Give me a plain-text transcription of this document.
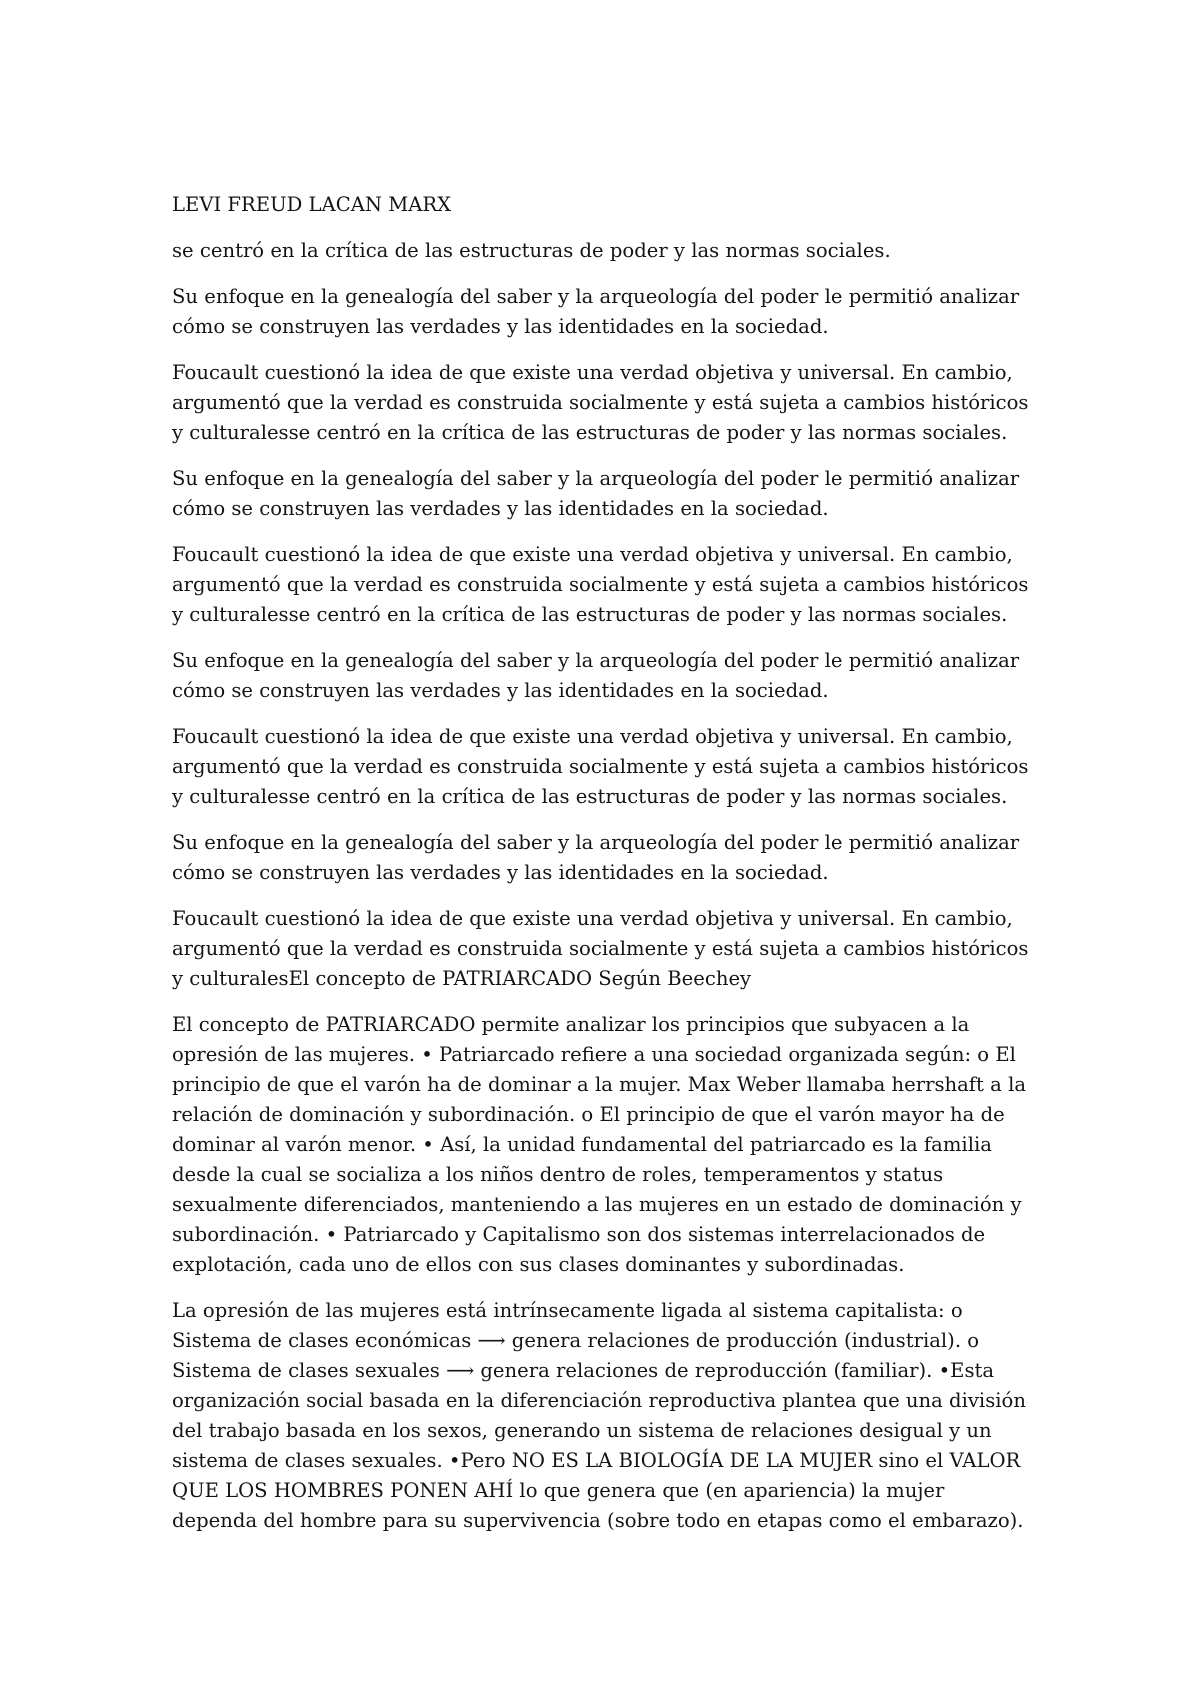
LEVI FREUD LACAN MARX

se centró en la crítica de las estructuras de poder y las normas sociales.

Su enfoque en la genealogía del saber y la arqueología del poder le permitió analizar cómo se construyen las verdades y las identidades en la sociedad.

Foucault cuestionó la idea de que existe una verdad objetiva y universal. En cambio, argumentó que la verdad es construida socialmente y está sujeta a cambios históricos y culturalesse centró en la crítica de las estructuras de poder y las normas sociales.

Su enfoque en la genealogía del saber y la arqueología del poder le permitió analizar cómo se construyen las verdades y las identidades en la sociedad.

Foucault cuestionó la idea de que existe una verdad objetiva y universal. En cambio, argumentó que la verdad es construida socialmente y está sujeta a cambios históricos y culturalesse centró en la crítica de las estructuras de poder y las normas sociales.

Su enfoque en la genealogía del saber y la arqueología del poder le permitió analizar cómo se construyen las verdades y las identidades en la sociedad.

Foucault cuestionó la idea de que existe una verdad objetiva y universal. En cambio, argumentó que la verdad es construida socialmente y está sujeta a cambios históricos y culturalesse centró en la crítica de las estructuras de poder y las normas sociales.

Su enfoque en la genealogía del saber y la arqueología del poder le permitió analizar cómo se construyen las verdades y las identidades en la sociedad.

Foucault cuestionó la idea de que existe una verdad objetiva y universal. En cambio, argumentó que la verdad es construida socialmente y está sujeta a cambios históricos y culturalesEl concepto de PATRIARCADO Según Beechey

El concepto de PATRIARCADO permite analizar los principios que subyacen a la opresión de las mujeres. • Patriarcado refiere a una sociedad organizada según: o El principio de que el varón ha de dominar a la mujer. Max Weber llamaba herrshaft a la relación de dominación y subordinación. o El principio de que el varón mayor ha de dominar al varón menor. • Así, la unidad fundamental del patriarcado es la familia desde la cual se socializa a los niños dentro de roles, temperamentos y status sexualmente diferenciados, manteniendo a las mujeres en un estado de dominación y subordinación. • Patriarcado y Capitalismo son dos sistemas interrelacionados de explotación, cada uno de ellos con sus clases dominantes y subordinadas.

La opresión de las mujeres está intrínsecamente ligada al sistema capitalista: o Sistema de clases económicas ⟶ genera relaciones de producción (industrial). o Sistema de clases sexuales ⟶ genera relaciones de reproducción (familiar). •Esta organización social basada en la diferenciación reproductiva plantea que una división del trabajo basada en los sexos, generando un sistema de relaciones desigual y un sistema de clases sexuales. •Pero NO ES LA BIOLOGÍA DE LA MUJER sino el VALOR QUE LOS HOMBRES PONEN AHÍ lo que genera que (en apariencia) la mujer dependa del hombre para su supervivencia (sobre todo en etapas como el embarazo).
